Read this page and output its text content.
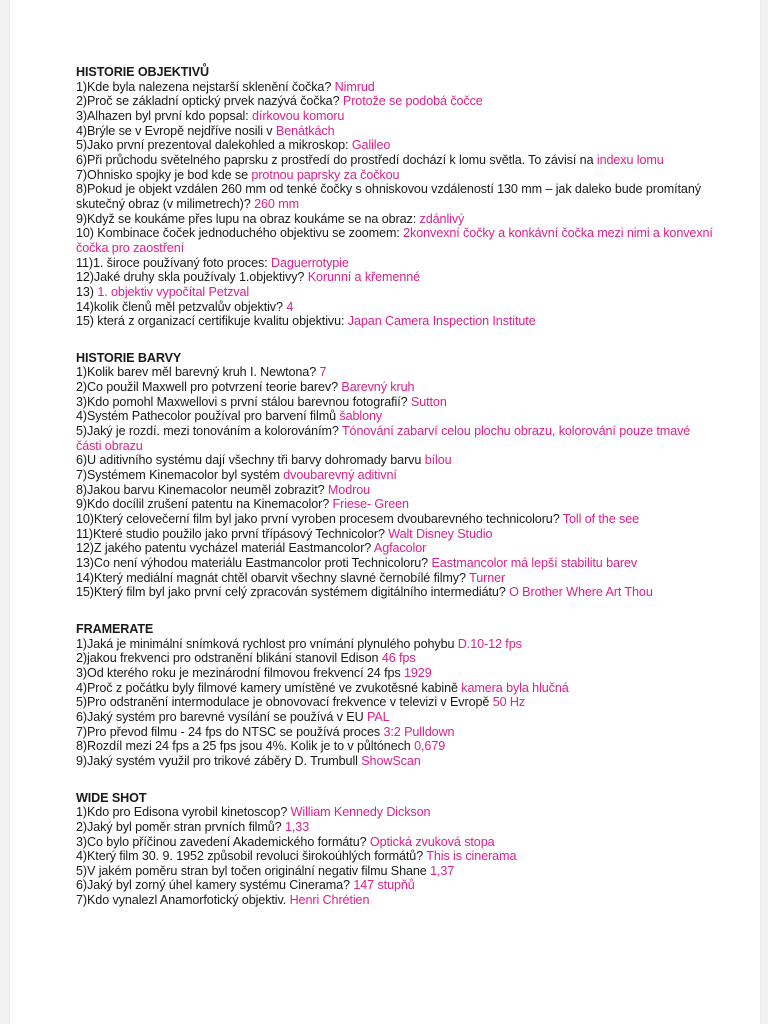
HISTORIE OBJEKTIVŮ
1)Kde byla nalezena nejstarší sklenění čočka? Nimrud
2)Proč se základní optický prvek nazývá čočka? Protože se podobá čočce
3)Alhazen byl první kdo popsal: dírkovou komoru
4)Brýle se v Evropě nejdříve nosili v Benátkách
5)Jako první prezentoval dalekohled a mikroskop: Galileo
6)Při průchodu světelného paprsku z prostředí do prostředí dochází k lomu světla. To závisí na indexu lomu
7)Ohnisko spojky je bod kde se protnou paprsky za čočkou
8)Pokud je objekt vzdálen 260 mm od tenké čočky s ohniskovou vzdáleností 130 mm – jak daleko bude promítaný skutečný obraz (v milimetrech)? 260 mm
9)Když se koukáme přes lupu na obraz koukáme se na obraz: zdánlivý
10) Kombinace čoček jednoduchého objektivu se zoomem: 2konvexní čočky a konkávní čočka mezi nimi a konvexní čočka pro zaostření
11)1. široce používaný foto proces: Daguerrotypie
12)Jaké druhy skla používaly 1.objektivy? Korunní a křemenné
13) 1. objektiv vypočítal Petzval
14)kolik členů měl petzvalův objektiv? 4
15) která z organizací certifikuje kvalitu objektivu: Japan Camera Inspection Institute
HISTORIE BARVY
1)Kolik barev měl barevný kruh I. Newtona? 7
2)Co použil Maxwell pro potvrzení teorie barev? Barevný kruh
3)Kdo pomohl Maxwellovi s první stálou barevnou fotografií? Sutton
4)Systém Pathecolor používal pro barvení filmů šablony
5)Jaký je rozdí. mezi tonováním a kolorováním? Tónování zabarví celou plochu obrazu, kolorování pouze tmavé části obrazu
6)U aditivního systému dají všechny tři barvy dohromady barvu bílou
7)Systémem Kinemacolor byl systém dvoubarevný aditivní
8)Jakou barvu Kinemacolor neuměl zobrazit? Modrou
9)Kdo docílil zrušení patentu na Kinemacolor? Friese- Green
10)Který celovečerní film byl jako první vyroben procesem dvoubarevného technicoloru? Toll of the see
11)Které studio použilo jako první třípásový Technicolor? Walt Disney Studio
12)Z jakého patentu vycházel materiál Eastmancolor? Agfacolor
13)Co není výhodou materiálu Eastmancolor proti Technicoloru? Eastmancolor má lepší stabilitu barev
14)Který mediální magnát chtěl obarvit všechny slavné černobílé filmy? Turner
15)Který film byl jako první celý zpracován systémem digitálního intermediátu? O Brother Where Art Thou
FRAMERATE
1)Jaká je minimální snímková rychlost pro vnímání plynulého pohybu D.10-12 fps
2)jakou frekvenci pro odstranění blikání stanovil Edison 46 fps
3)Od kterého roku je mezinárodní filmovou frekvencí 24 fps 1929
4)Proč z počátku byly filmové kamery umístěné ve zvukotěsné kabině kamera byla hlučná
5)Pro odstranění intermodulace je obnovovací frekvence v televizi v Evropě 50 Hz
6)Jaký systém pro barevné vysílání se používá v EU PAL
7)Pro převod filmu - 24 fps do NTSC se používá proces 3:2 Pulldown
8)Rozdíl mezi 24 fps a 25 fps jsou 4%. Kolik je to v půltónech 0,679
9)Jaký systém využil pro trikové záběry D. Trumbull ShowScan
WIDE SHOT
1)Kdo pro Edisona vyrobil kinetoscop? William Kennedy Dickson
2)Jaký byl poměr stran prvních filmů? 1,33
3)Co bylo příčinou zavedení Akademického formátu? Optická zvuková stopa
4)Který film 30. 9. 1952 způsobil revoluci širokoúhlých formátů? This is cinerama
5)V jakém poměru stran byl točen originální negativ filmu Shane 1,37
6)Jaký byl zorný úhel kamery systému Cinerama? 147 stupňů
7)Kdo vynalezl Anamorfotický objektiv. Henri Chrétien
